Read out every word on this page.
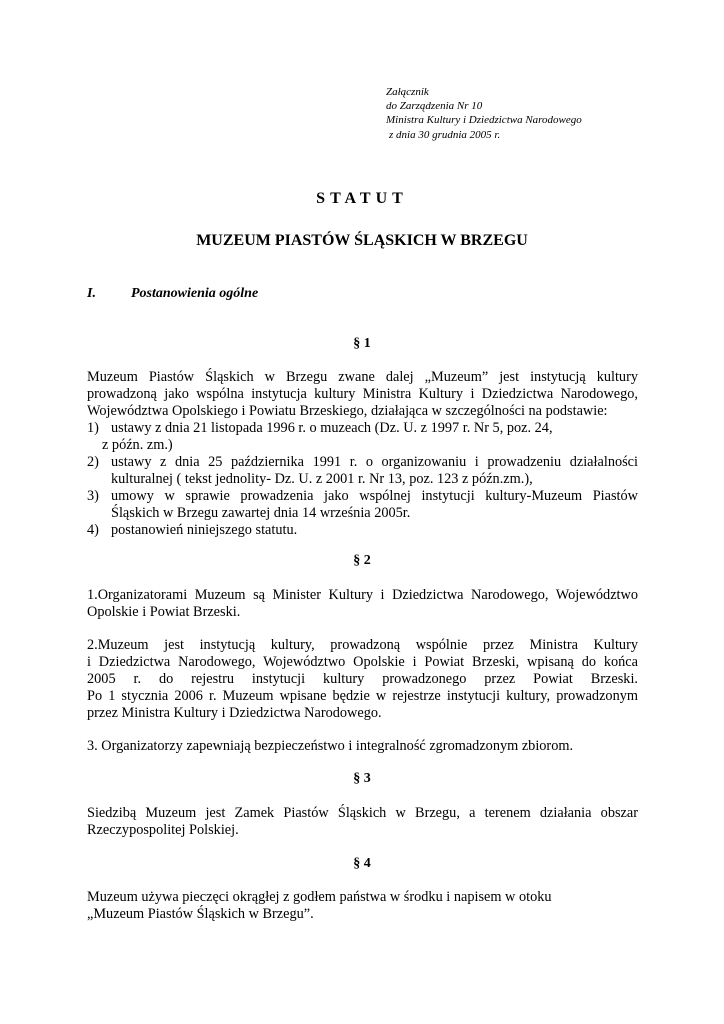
Załącznik
do Zarządzenia Nr 10
Ministra Kultury i Dziedzictwa Narodowego
z dnia 30 grudnia 2005 r.
STATUT
MUZEUM PIASTÓW ŚLĄSKICH W BRZEGU
I.	Postanowienia ogólne
§ 1
Muzeum Piastów Śląskich w Brzegu zwane dalej „Muzeum” jest instytucją kultury
prowadzoną jako wspólna instytucja kultury Ministra Kultury i Dziedzictwa Narodowego,
Województwa Opolskiego i Powiatu Brzeskiego, działająca w szczególności na podstawie:
1) ustawy z dnia 21 listopada 1996 r. o muzeach (Dz. U. z 1997 r. Nr 5, poz. 24,
z późn. zm.)
2) ustawy z dnia 25 października 1991 r. o organizowaniu i prowadzeniu działalności
kulturalnej ( tekst jednolity- Dz. U. z 2001 r. Nr 13, poz. 123 z późn.zm.),
3) umowy w sprawie prowadzenia jako wspólnej instytucji kultury-Muzeum Piastów
Śląskich w Brzegu zawartej dnia 14 września 2005r.
4) postanowień niniejszego statutu.
§ 2
1.Organizatorami Muzeum są Minister Kultury i Dziedzictwa Narodowego, Województwo
Opolskie i Powiat Brzeski.
2.Muzeum jest instytucją kultury, prowadzoną wspólnie przez Ministra Kultury
i Dziedzictwa Narodowego, Województwo Opolskie i Powiat Brzeski, wpisaną do końca
2005 r. do rejestru instytucji kultury prowadzonego przez Powiat Brzeski.
Po 1 stycznia 2006 r. Muzeum wpisane będzie w rejestrze instytucji kultury, prowadzonym
przez Ministra Kultury i Dziedzictwa Narodowego.
3. Organizatorzy zapewniają bezpieczeństwo i integralność zgromadzonym zbiorom.
§ 3
Siedzibą Muzeum jest Zamek Piastów Śląskich w Brzegu, a terenem działania obszar
Rzeczypospolitej Polskiej.
§ 4
Muzeum używa pieczęci okrągłej z godłem państwa w środku i napisem w otoku
„Muzeum Piastów Śląskich w Brzegu”.
